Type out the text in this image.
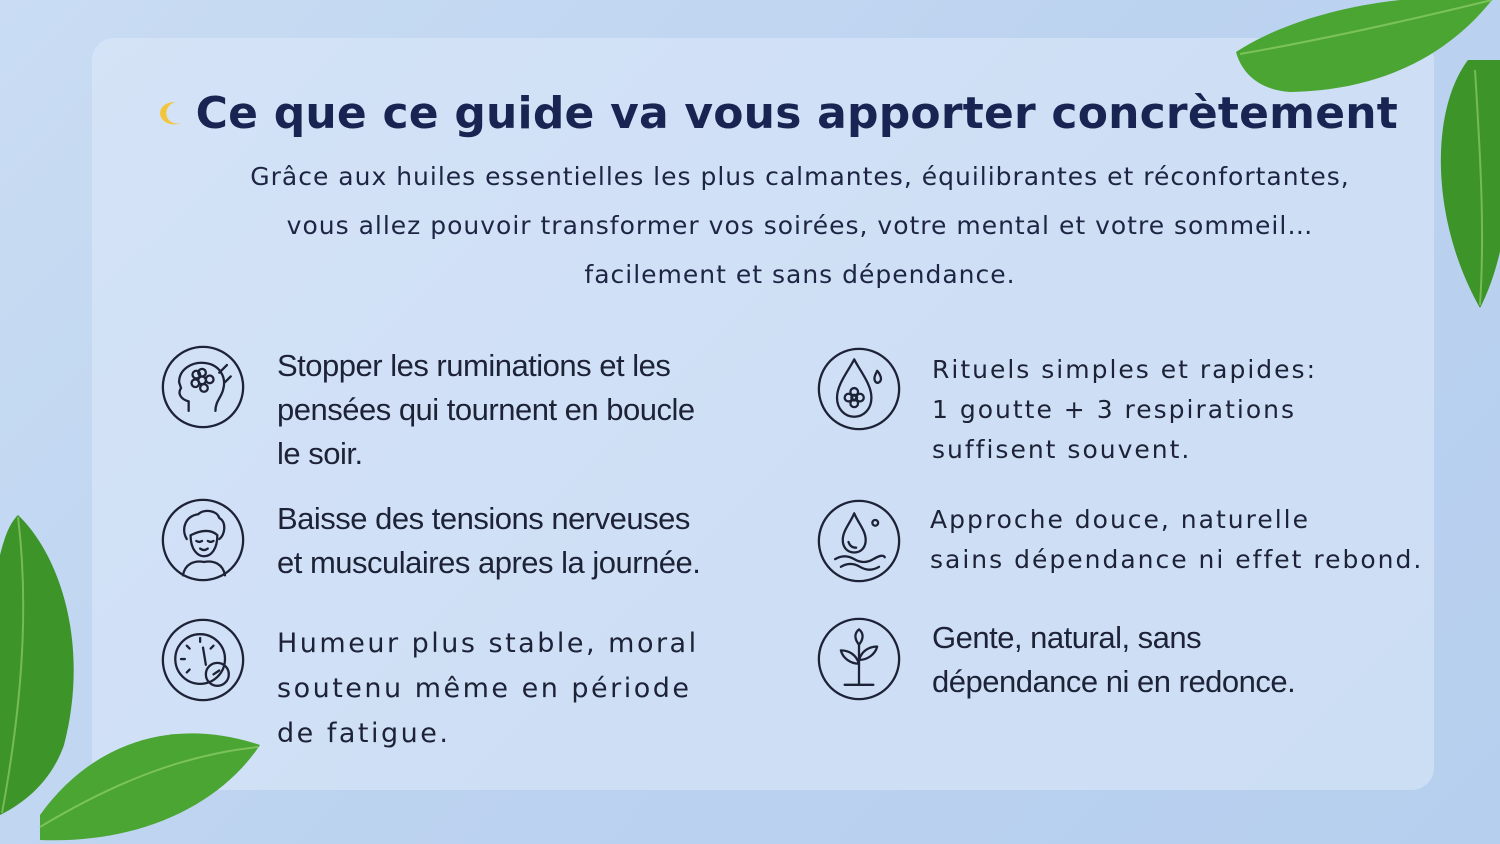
Ce que ce guide va vous apporter concrètement
Grâce aux huiles essentielles les plus calmantes, équilibrantes et réconfortantes,
vous allez pouvoir transformer vos soirées, votre mental et votre sommeil…
facilement et sans dépendance.
Stopper les ruminations et les
pensées qui tournent en boucle
le soir.
Baisse des tensions nerveuses
et musculaires apres la journée.
Humeur plus stable, moral
soutenu même en période
de fatigue.
Rituels simples et rapides:
1 goutte + 3 respirations
suffisent souvent.
Approche douce, naturelle
sains dépendance ni effet rebond.
Gente, natural, sans
dépendance ni en redonce.
